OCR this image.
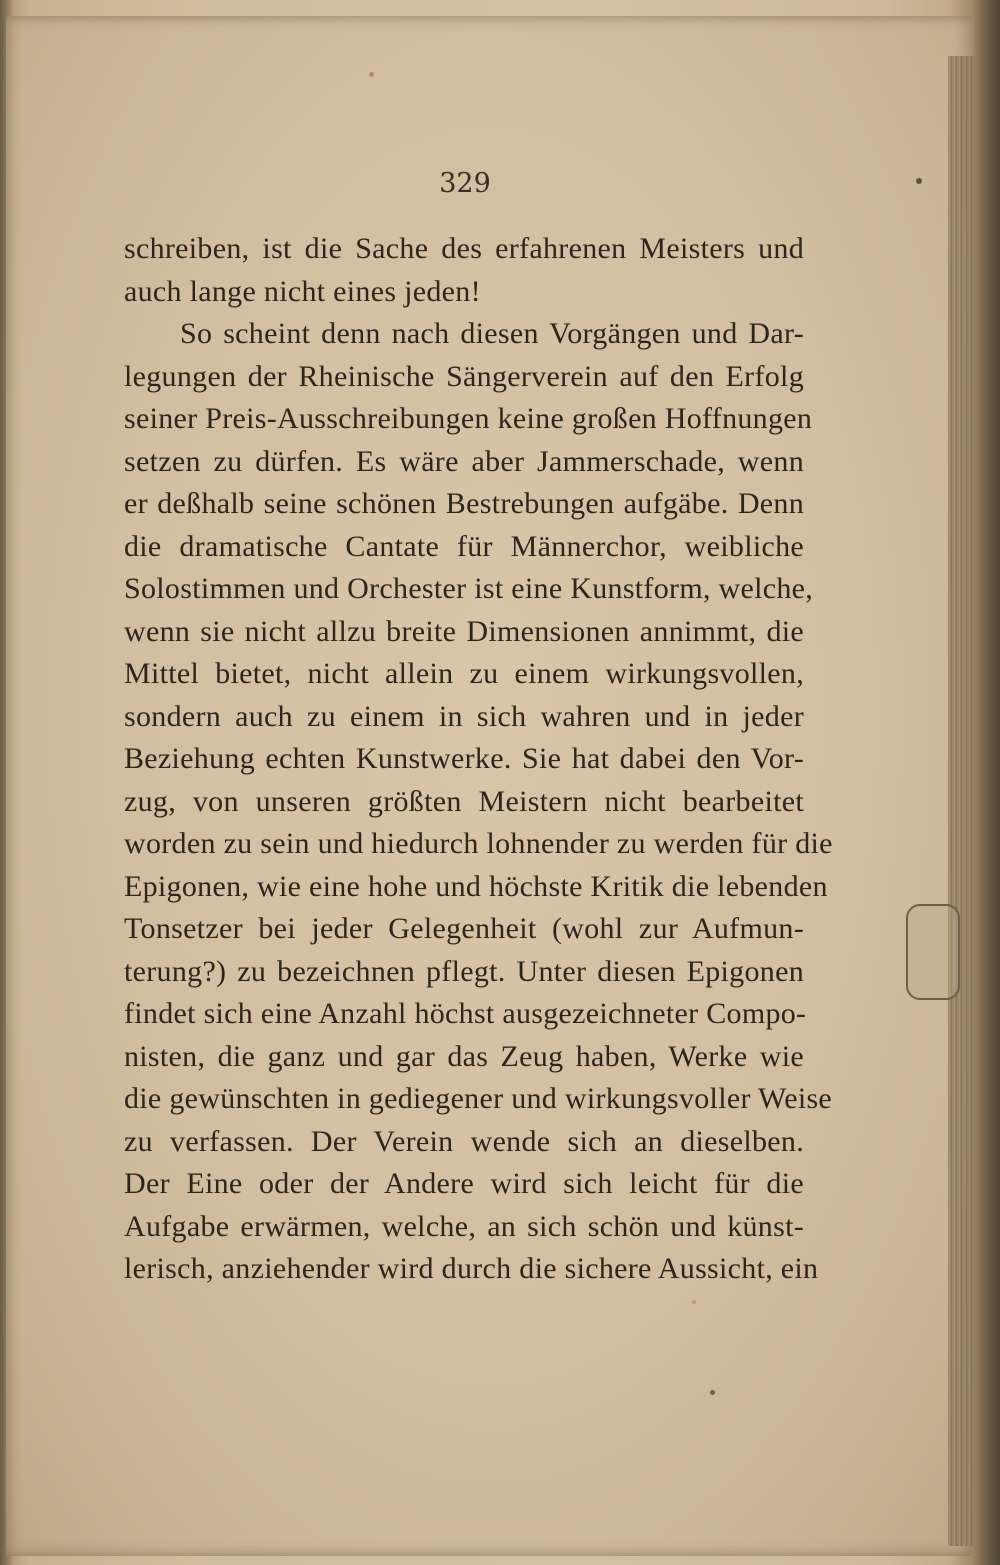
329
schreiben, ist die Sache des erfahrenen Meisters und
auch lange nicht eines jeden!
So scheint denn nach diesen Vorgängen und Dar-
legungen der Rheinische Sängerverein auf den Erfolg
seiner Preis-Ausschreibungen keine großen Hoffnungen
setzen zu dürfen. Es wäre aber Jammerschade, wenn
er deßhalb seine schönen Bestrebungen aufgäbe. Denn
die dramatische Cantate für Männerchor, weibliche
Solostimmen und Orchester ist eine Kunstform, welche,
wenn sie nicht allzu breite Dimensionen annimmt, die
Mittel bietet, nicht allein zu einem wirkungsvollen,
sondern auch zu einem in sich wahren und in jeder
Beziehung echten Kunstwerke. Sie hat dabei den Vor-
zug, von unseren größten Meistern nicht bearbeitet
worden zu sein und hiedurch lohnender zu werden für die
Epigonen, wie eine hohe und höchste Kritik die lebenden
Tonsetzer bei jeder Gelegenheit (wohl zur Aufmun-
terung?) zu bezeichnen pflegt. Unter diesen Epigonen
findet sich eine Anzahl höchst ausgezeichneter Compo-
nisten, die ganz und gar das Zeug haben, Werke wie
die gewünschten in gediegener und wirkungsvoller Weise
zu verfassen. Der Verein wende sich an dieselben.
Der Eine oder der Andere wird sich leicht für die
Aufgabe erwärmen, welche, an sich schön und künst-
lerisch, anziehender wird durch die sichere Aussicht, ein
